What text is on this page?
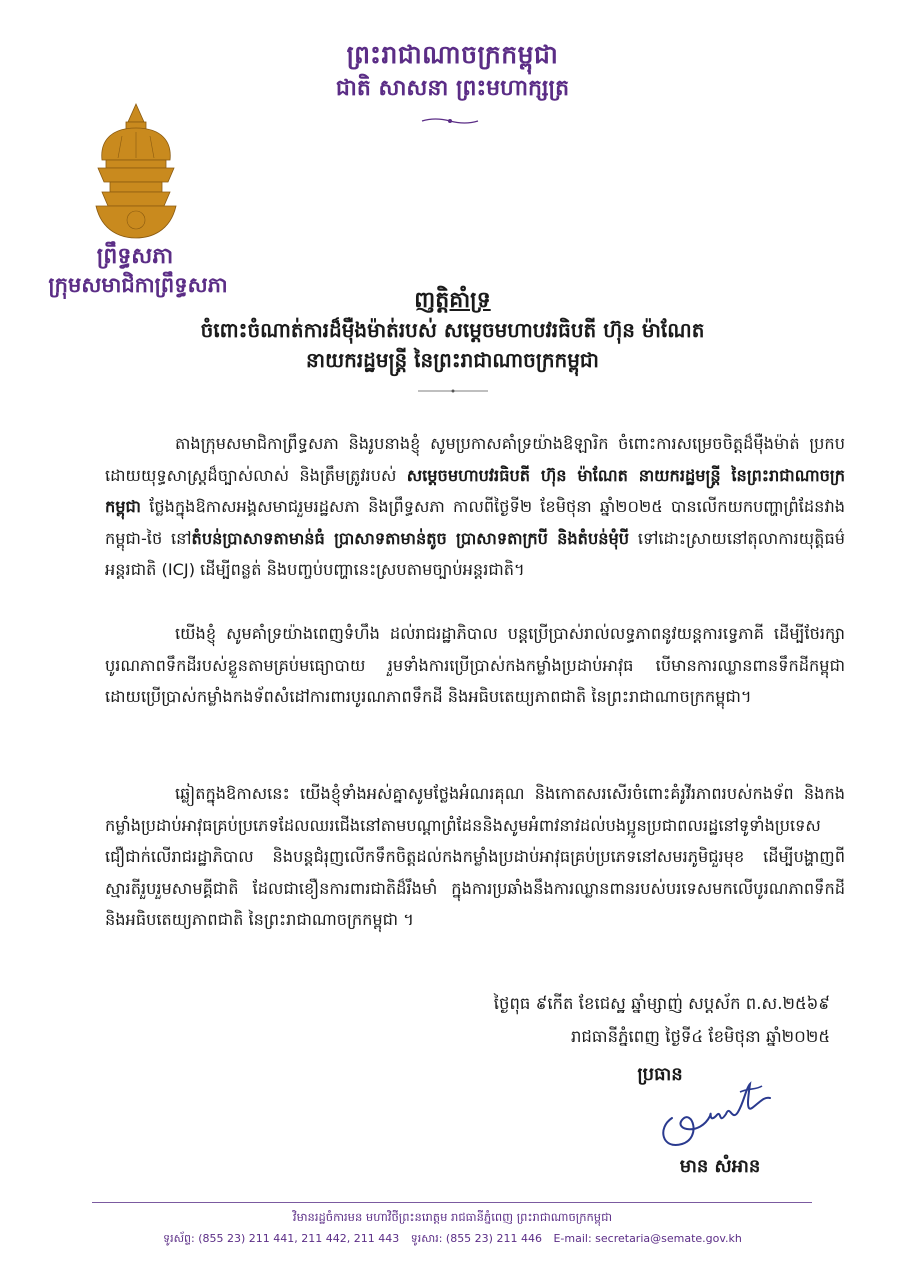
ព្រះរាជាណាចក្រកម្ពុជា
ជាតិ សាសនា ព្រះមហាក្សត្រ
ព្រឹទ្ធសភា
ក្រុមសមាជិកាព្រឹទ្ធសភា
ញត្តិគាំទ្រ
ចំពោះចំណាត់ការដ៏ម៉ឺងម៉ាត់របស់ សម្តេចមហាបវរធិបតី ហ៊ុន ម៉ាណែត
នាយករដ្ឋមន្រ្តី នៃព្រះរាជាណាចក្រកម្ពុជា
តាងក្រុមសមាជិកាព្រឹទ្ធសភា និងរូបនាងខ្ញុំ សូមប្រកាសគាំទ្រយ៉ាងឱឡារិក ចំពោះការសម្រេចចិត្តដ៏ម៉ឺងម៉ាត់ ប្រកបដោយយុទ្ធសាស្រ្តដ៏ច្បាស់លាស់ និងត្រឹមត្រូវរបស់ សម្តេចមហាបវរធិបតី ហ៊ុន ម៉ាណែត នាយករដ្ឋមន្រ្តី នៃព្រះរាជាណាចក្រកម្ពុជា ថ្លែងក្នុងឱកាសអង្គសមាជរួមរដ្ឋសភា និងព្រឹទ្ធសភា កាលពីថ្ងៃទី២ ខែមិថុនា ឆ្នាំ២០២៥ បានលើកយកបញ្ហាព្រំដែនវាងកម្ពុជា-ថៃ នៅតំបន់ប្រាសាទតាមាន់ធំ ប្រាសាទតាមាន់តូច ប្រាសាទតាក្របី និងតំបន់មុំបី ទៅដោះស្រាយនៅតុលាការយុត្តិធម៌អន្តរជាតិ (ICJ) ដើម្បីពន្លត់ និងបញ្ចប់បញ្ហានេះស្របតាមច្បាប់អន្តរជាតិ។
យើងខ្ញុំ សូមគាំទ្រយ៉ាងពេញទំហឹង ដល់រាជរដ្ឋាភិបាល បន្តប្រើប្រាស់រាល់លទ្ធភាពនូវយន្តការទ្វេភាគី ដើម្បីថែរក្សាបូរណភាពទឹកដីរបស់ខ្លួនតាមគ្រប់មធ្យោបាយ រួមទាំងការប្រើប្រាស់កងកម្លាំងប្រដាប់អាវុធ បើមានការឈ្លានពានទឹកដីកម្ពុជាដោយប្រើប្រាស់កម្លាំងកងទ័ពសំដៅការពារបូរណភាពទឹកដី និងអធិបតេយ្យភាពជាតិ នៃព្រះរាជាណាចក្រកម្ពុជា។
ឆ្លៀតក្នុងឱកាសនេះ យើងខ្ញុំទាំងអស់គ្នាសូមថ្លែងអំណរគុណ និងកោតសរសើរចំពោះគំរូវីរភាពរបស់កងទ័ព និងកងកម្លាំងប្រដាប់អាវុធគ្រប់ប្រភេទដែលឈរជើងនៅតាមបណ្តាព្រំដែននិងសូមអំពាវនាវដល់បងប្អូនប្រជាពលរដ្ឋនៅទូទាំងប្រទេស ជឿជាក់លើរាជរដ្ឋាភិបាល និងបន្តជំរុញលើកទឹកចិត្តដល់កងកម្លាំងប្រដាប់អាវុធគ្រប់ប្រភេទនៅសមរភូមិជួរមុខ ដើម្បីបង្ហាញពីស្មារតីរួបរួមសាមគ្គីជាតិ ដែលជាខឿនការពារជាតិដ៏រឹងមាំ ក្នុងការប្រឆាំងនឹងការឈ្លានពានរបស់បរទេសមកលើបូរណភាពទឹកដី និងអធិបតេយ្យភាពជាតិ នៃព្រះរាជាណាចក្រកម្ពុជា ។
ថ្ងៃពុធ ៩កើត ខែជេស្ឋ ឆ្នាំម្សាញ់ សប្តស័ក ព.ស.២៥៦៩
រាជធានីភ្នំពេញ ថ្ងៃទី៤ ខែមិថុនា ឆ្នាំ២០២៥
ប្រធាន
មាន សំអាន
វិមានរដ្ឋចំការមន មហាវិថីព្រះនរោត្តម រាជធានីភ្នំពេញ ព្រះរាជាណាចក្រកម្ពុជា
ទូរស័ព្ទ: (855 23) 211 441, 211 442, 211 443 ទូរសារ: (855 23) 211 446 E-mail: secretaria@semate.gov.kh
